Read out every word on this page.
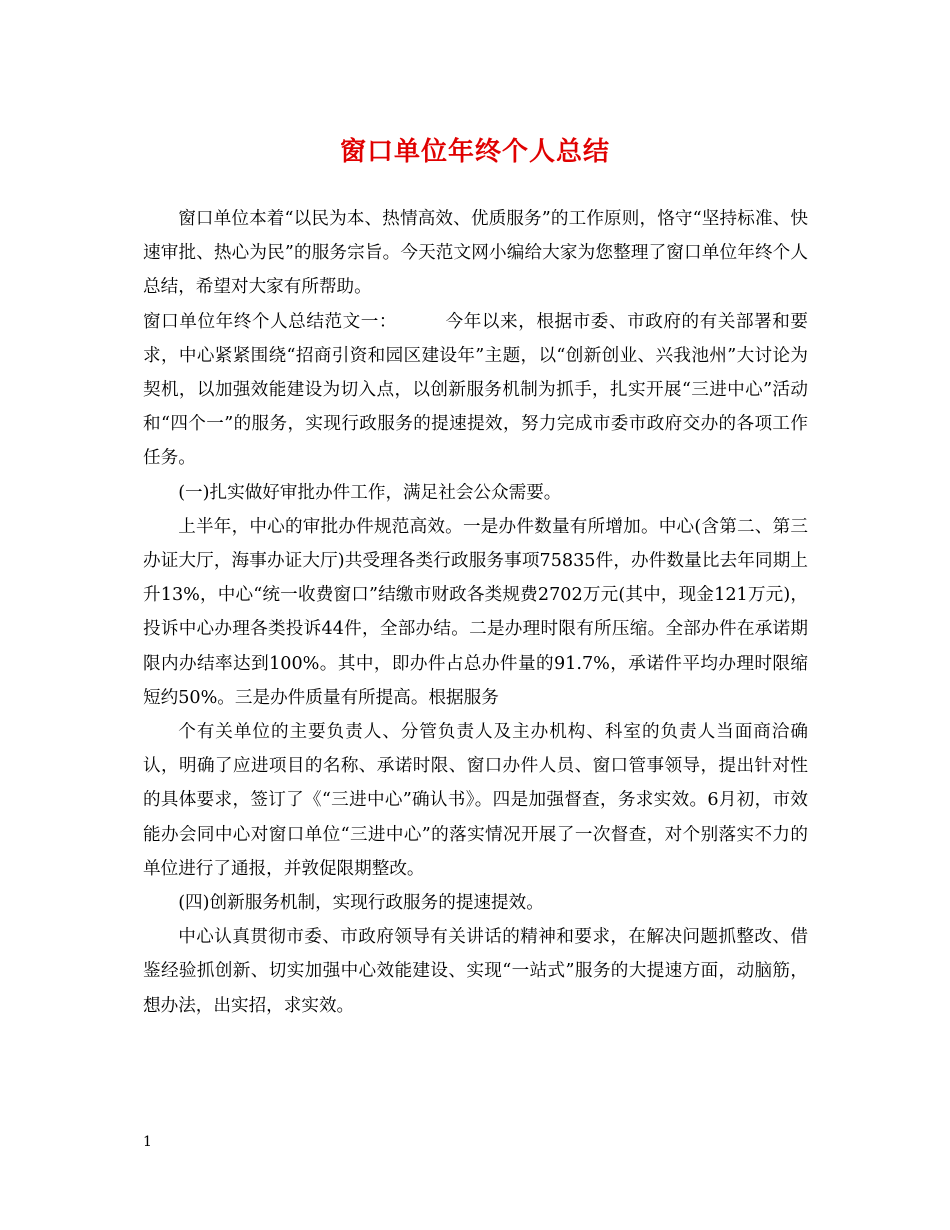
窗口单位年终个人总结

窗口单位本着“以民为本、热情高效、优质服务”的工作原则，恪守“坚持标准、快速审批、热心为民”的服务宗旨。今天范文网小编给大家为您整理了窗口单位年终个人总结，希望对大家有所帮助。

窗口单位年终个人总结范文一：	今年以来，根据市委、市政府的有关部署和要求，中心紧紧围绕“招商引资和园区建设年”主题，以“创新创业、兴我池州”大讨论为契机，以加强效能建设为切入点，以创新服务机制为抓手，扎实开展“三进中心”活动和“四个一”的服务，实现行政服务的提速提效，努力完成市委市政府交办的各项工作任务。

(一)扎实做好审批办件工作，满足社会公众需要。

上半年，中心的审批办件规范高效。一是办件数量有所增加。中心(含第二、第三办证大厅，海事办证大厅)共受理各类行政服务事项75835件，办件数量比去年同期上升13%，中心“统一收费窗口”结缴市财政各类规费2702万元(其中，现金121万元)，投诉中心办理各类投诉44件，全部办结。二是办理时限有所压缩。全部办件在承诺期限内办结率达到100%。其中，即办件占总办件量的91.7%，承诺件平均办理时限缩短约50%。三是办件质量有所提高。根据服务

个有关单位的主要负责人、分管负责人及主办机构、科室的负责人当面商洽确认，明确了应进项目的名称、承诺时限、窗口办件人员、窗口管事领导，提出针对性的具体要求，签订了《“三进中心”确认书》。四是加强督查，务求实效。6月初，市效能办会同中心对窗口单位“三进中心”的落实情况开展了一次督查，对个别落实不力的单位进行了通报，并敦促限期整改。

(四)创新服务机制，实现行政服务的提速提效。

中心认真贯彻市委、市政府领导有关讲话的精神和要求，在解决问题抓整改、借鉴经验抓创新、切实加强中心效能建设、实现“一站式”服务的大提速方面，动脑筋，想办法，出实招，求实效。

1
